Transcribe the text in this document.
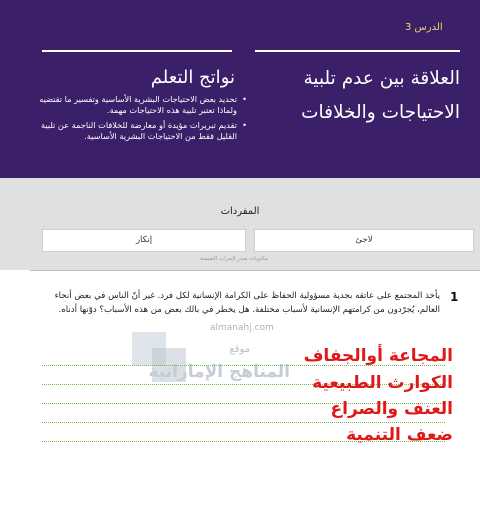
الدرس 3
نواتج التعلم
• تحديد بعض الاحتياجات البشرية الأساسية وتفسير ما تقتضيه ولماذا تعتبر تلبية هذه الاحتياجات مهمة.
• تقديم تبريرات مؤيدة أو معارضة للخلافات الناجمة عن تلبية القليل فقط من الاحتياجات البشرية الأساسية.
العلاقة بين عدم تلبية
الاحتياجات والخلافات
المفردات
لاجئ
إنكار
مكتوبات صدر الجراب النفيسة
1
يأخذ المجتمع على عاتقه بجدية مسؤولية الحفاظ على الكرامة الإنسانية لكل فرد. غير أنّ الناس في بعض أنحاء العالم، يُجرّدون من كرامتهم الإنسانية لأسباب مختلفة. هل يخطر في بالك بعض من هذه الأسباب؟ دوّنها أدناه.
almanahj.com
موقع
المناهج الإماراتية
المجاعة أوالجفاف
الكوارث الطبيعية
العنف والصراع
ضعف التنمية
